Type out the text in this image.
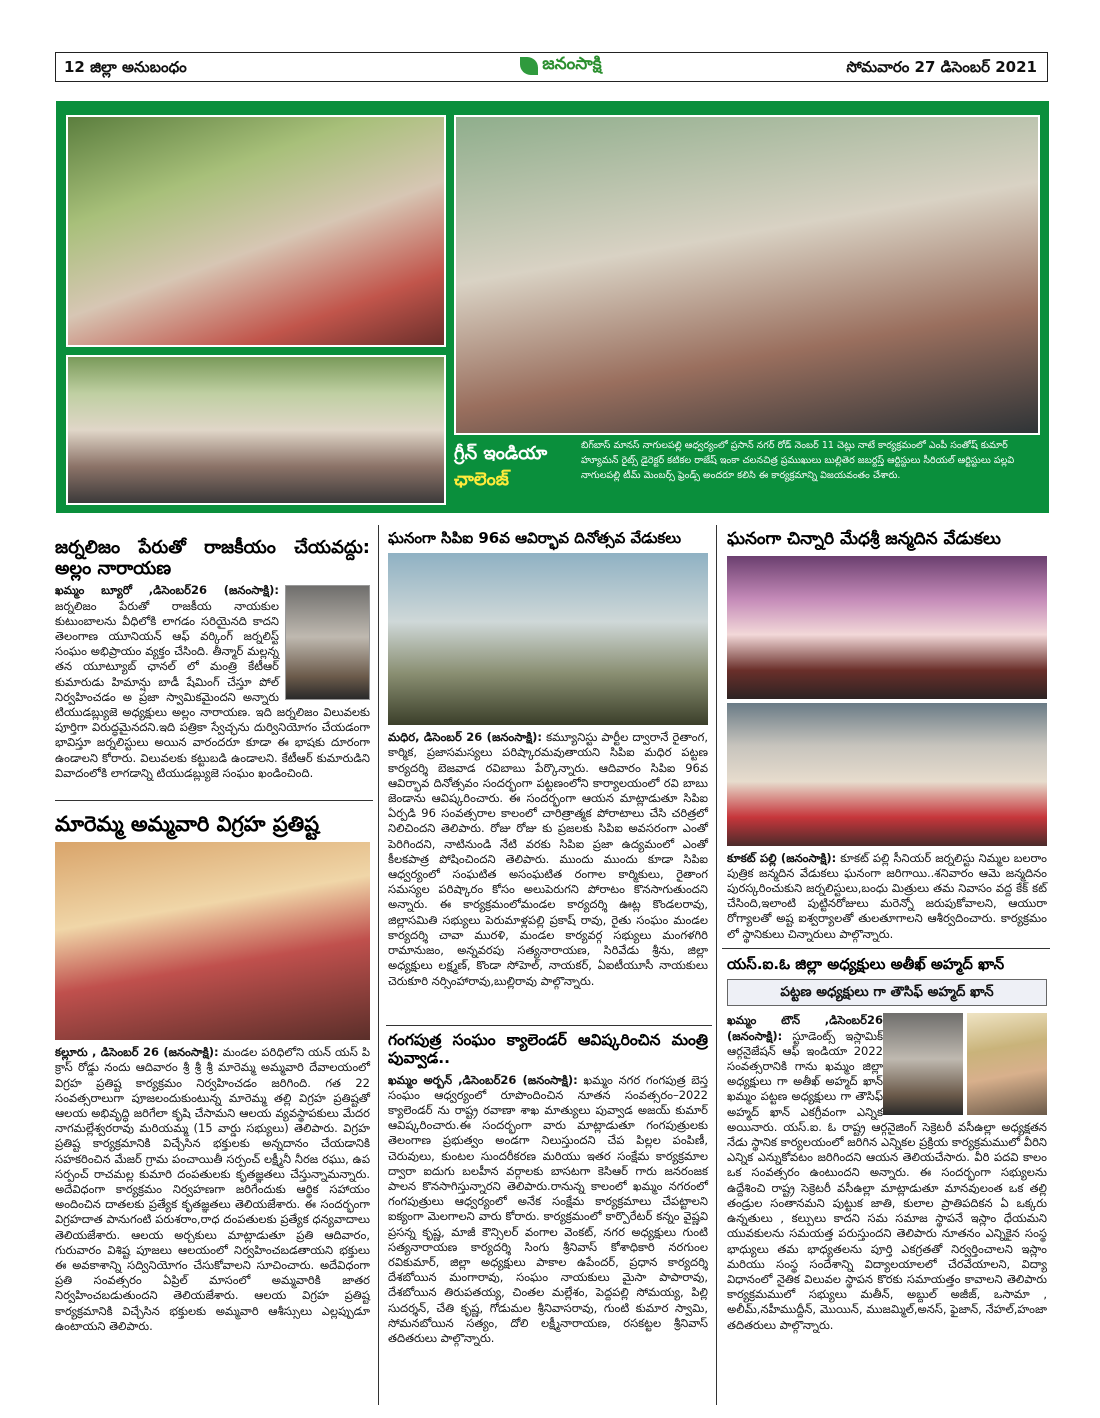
12 జిల్లా అనుబంధం	జనంసాక్షి	సోమవారం 27 డిసెంబర్ 2021
గ్రీన్ ఇండియా
ఛాలెంజ్
బిగ్‌బాస్ మానస్ నాగులపల్లి ఆధ్వర్యంలో ప్రసాన్ నగర్ రోడ్ నెంబర్ 11 చెట్లు నాటే కార్యక్రమంలో ఎంపీ సంతోష్ కుమార్ హ్యూమన్ రైట్స్ డైరెక్టర్ కటికల రాజేష్ ఇంకా చలనచిత్ర ప్రముఖులు బుల్లితెర జబర్దస్త్ ఆర్టిస్టులు సీరియల్ ఆర్టిస్టులు పల్లవి నాగులపల్లి టీమ్ మెంబర్స్ ఫ్రెండ్స్ అందరూ కలిసి ఈ కార్యక్రమాన్ని విజయవంతం చేశారు.
జర్నలిజం పేరుతో రాజకీయం చేయవద్దు: అల్లం నారాయణ

ఖమ్మం బ్యూరో ,డిసెంబర్26 (జనంసాక్షి): జర్నలిజం పేరుతో రాజకీయ నాయకుల కుటుంబాలను వీధిలోకి లాగడం సరియైనది కాదని తెలంగాణ యూనియన్ ఆఫ్ వర్కింగ్ జర్నలిస్ట్ సంఘం అభిప్రాయం వ్యక్తం చేసింది. తీన్మార్ మల్లన్న తన యూట్యూబ్ ఛానల్ లో మంత్రి కేటీఆర్ కుమారుడు హిమాన్షు బాడీ షేమింగ్ చేస్తూ పోల్ నిర్వహించడం అ ప్రజా స్వామికమైందని అన్నారు టియుడబ్ల్యుజె అధ్యక్షులు అల్లం నారాయణ. ఇది జర్నలిజం విలువలకు పూర్తిగా విరుద్ధమైనదని.ఇది పత్రికా స్వేచ్ఛను దుర్వినియోగం చేయడంగా భావిస్తూ జర్నలిస్టులు అయిన వారందరూ కూడా ఈ భాషకు దూరంగా ఉండాలని కోరారు. విలువలకు కట్టుబడి ఉండాలని. కేటీఆర్ కుమారుడిని వివాదంలోకి లాగడాన్ని టియుడబ్ల్యుజె సంఘం ఖండించింది.

మారెమ్మ అమ్మవారి విగ్రహ ప్రతిష్ట

కల్లూరు , డిసెంబర్ 26 (జనంసాక్షి): మండల పరిధిలోని యన్ యస్ పి క్రాస్ రోడ్డు నందు ఆదివారం శ్రీ శ్రీ శ్రీ మారెమ్మ అమ్మవారి దేవాలయంలో విగ్రహ ప్రతిష్ట కార్యక్రమం నిర్వహించడం జరిగింది. గత 22 సంవత్సరాలుగా పూజలందుకుంటున్న మారెమ్మ తల్లి విగ్రహ ప్రతిష్టతో ఆలయ అభివృద్ధి జరిగేలా కృషి చేసామని ఆలయ వ్యవస్థాపకులు మేదర నాగమల్లేశ్వరరావు మరియమ్మ (15 వార్డు సభ్యులు) తెలిపారు. విగ్రహ ప్రతిష్ట కార్యక్రమానికి విచ్చేసిన భక్తులకు అన్నదానం చేయడానికి సహకరించిన మేజర్ గ్రామ పంచాయితీ సర్పంచ్ లక్ష్మీనీ నీరజ రఘు, ఉప సర్పంచ్ రాచమల్ల కుమారి దంపతులకు కృతజ్ఞతలు చేస్తున్నామన్నారు. అదేవిధంగా కార్యక్రమం నిర్వహణగా జరిగేందుకు ఆర్థిక సహాయం అందించిన దాతలకు ప్రత్యేక కృతజ్ఞతలు తెలియజేశారు. ఈ సందర్భంగా విగ్రహదాత పానుగంటి పరుశరాం,రాధ దంపతులకు ప్రత్యేక ధన్యవాదాలు తెలియజేశారు. ఆలయ అర్చకులు మాట్లాడుతూ ప్రతి ఆదివారం, గురువారం విశిష్ట పూజలు ఆలయంలో నిర్వహించబడతాయని భక్తులు ఈ అవకాశాన్ని సద్వినియోగం చేసుకోవాలని సూచించారు. అదేవిధంగా ప్రతి సంవత్సరం ఏప్రిల్ మాసంలో అమ్మవారికి జాతర నిర్వహించబడుతుందని తెలియజేశారు. ఆలయ విగ్రహ ప్రతిష్ట కార్యక్రమానికి విచ్చేసిన భక్తులకు అమ్మవారి ఆశీస్సులు ఎల్లప్పుడూ ఉంటాయని తెలిపారు.

ఘనంగా సిపిఐ 96వ ఆవిర్భావ దినోత్సవ వేడుకలు

మధిర, డిసెంబర్ 26 (జనంసాక్షి): కమ్యూనిస్టు పార్టీల ద్వారానే రైతాంగ, కార్మిక, ప్రజాసమస్యలు పరిష్కారమవుతాయని సిపిఐ మధిర పట్టణ కార్యదర్శి బెజవాడ రవిబాబు పేర్కొన్నారు. ఆదివారం సిపిఐ 96వ ఆవిర్భావ దినోత్సవం సందర్భంగా పట్టణంలోని కార్యాలయంలో రవి బాబు జెండాను ఆవిష్కరించారు. ఈ సందర్భంగా ఆయన మాట్లాడుతూ సిపిఐ ఏర్పడి 96 సంవత్సరాల కాలంలో చారిత్రాత్మక పోరాటాలు చేసి చరిత్రలో నిలిచిందని తెలిపారు. రోజు రోజు కు ప్రజలకు సిపిఐ అవసరంగా ఎంతో పెరిగిందని, నాటినుండి నేటి వరకు సిపిఐ ప్రజా ఉద్యమంలో ఎంతో కీలకపాత్ర పోషించిందని తెలిపారు. ముందు ముందు కూడా సిపిఐ ఆధ్వర్యంలో సంఘటిత అసంఘటిత రంగాల కార్మికులు, రైతాంగ సమస్యల పరిష్కారం కోసం అలుపెరుగని పోరాటం కొనసాగుతుందని అన్నారు. ఈ కార్యక్రమంలోమండల కార్యదర్శి ఊట్ల కొండలరావు, జిల్లాసమితి సభ్యులు పెరుమాళ్లపల్లి ప్రకాష్ రావు, రైతు సంఘం మండల కార్యదర్శి చావా మురళి, మండల కార్యవర్గ సభ్యులు మంగళగిరి రామానుజం, అన్నవరపు సత్యనారాయణ, సిరివేడు శ్రీను, జిల్లా అధ్యక్షులు లక్ష్మణ్, కొండా సోహెల్, నాయకర్, ఏఐటీయూసీ నాయకులు చెరుకూరి నర్సింహారావు,బుల్లిరావు పాల్గొన్నారు.

గంగపుత్ర సంఘం క్యాలెండర్ ఆవిష్కరించిన మంత్రి పువ్వాడ..

ఖమ్మం అర్బన్ ,డిసెంబర్26 (జనంసాక్షి): ఖమ్మం నగర గంగపుత్ర బెస్త సంఘం ఆధ్వర్యంలో రూపొందించిన నూతన సంవత్సరం–2022 క్యాలెండర్ ను రాష్ట్ర రవాణా శాఖ మాత్యులు పువ్వాడ అజయ్ కుమార్ ఆవిష్కరించారు.ఈ సందర్భంగా వారు మాట్లాడుతూ గంగపుత్రులకు తెలంగాణ ప్రభుత్వం అండగా నిలుస్తుందని చేప పిల్లల పంపిణీ, చెరువులు, కుంటల సుందరీకరణ మరియు ఇతర సంక్షేమ కార్యక్రమాల ద్వారా ఐదుగు బలహీన వర్గాలకు బాసటగా కెసిఆర్ గారు జనరంజక పాలన కొనసాగిస్తున్నారని తెలిపారు.రానున్న కాలంలో ఖమ్మం నగరంలో గంగపుత్రులు ఆధ్వర్యంలో అనేక సంక్షేమ కార్యక్రమాలు చేపట్టాలని ఐక్యంగా మెలగాలని వారు కోరారు. కార్యక్రమంలో కార్పొరేటర్ కన్నం వైష్ణవి ప్రసన్న కృష్ణ, మాజీ కౌన్సిలర్ వంగాల వెంకట్, నగర అధ్యక్షులు గుంటి సత్యనారాయణ కార్యదర్శి సింగు శ్రీనివాస్ కోశాధికారి నరగుంల రవికుమార్, జిల్లా అధ్యక్షులు పాకాల ఉపేందర్, ప్రధాన కార్యదర్శి దేశబోయిన మంగారావు, సంఘం నాయకులు మైసా పాపారావు, దేశబోయిన తిరుపతయ్య, చింతల మల్లేశం, పెద్దపల్లి సోమయ్య, పిల్లి సుదర్శన్, చేతి కృష్ణ, గోడుమల శ్రీనివాసరావు, గుంటి కుమార స్వామి, సోమనబోయిన సత్యం, దోలి లక్ష్మీనారాయణ, రసకట్టల శ్రీనివాస్ తదితరులు పాల్గొన్నారు.

ఘనంగా చిన్నారి మేధశ్రీ జన్మదిన వేడుకలు

కూకట్ పల్లి (జనంసాక్షి): కూకట్ పల్లి సీనియర్ జర్నలిస్టు నిమ్మల బలరాం పుత్రిక జన్మదిన వేడుకలు ఘనంగా జరిగాయి..శనివారం ఆమె జన్మదినం పురస్కరించుకుని జర్నలిస్టులు,బంధు మిత్రులు తమ నివాసం వద్ద కేక్ కట్ చేసింది,ఇలాంటి పుట్టినరోజులు మరెన్నో జరుపుకోవాలని, ఆయురా రోగ్యాలతో అష్ట ఐశ్వర్యాలతో తులతూగాలని ఆశీర్వదించారు. కార్యక్రమం లో స్థానికులు చిన్నారులు పాల్గొన్నారు.

యస్.ఐ.ఓ జిల్లా అధ్యక్షులు అతీఖ్ అహ్మద్ ఖాన్
పట్టణ అధ్యక్షులు గా తౌసిఫ్ అహ్మద్ ఖాన్

ఖమ్మం టౌన్ ,డిసెంబర్26 (జనంసాక్షి): స్టూడెంట్స్ ఇస్లామిక్ ఆర్గనైజేషన్ ఆఫ్ ఇండియా 2022 సంవత్సరానికి గాను ఖమ్మం జిల్లా అధ్యక్షులు గా అతీఖ్ అహ్మద్ ఖాన్ ఖమ్మం పట్టణ అధ్యక్షులు గా తౌసిఫ్ అహ్మద్ ఖాన్ ఎకగ్రీవంగా ఎన్నిక అయినారు. యస్.ఐ. ఓ రాష్ట్ర ఆర్గనైజింగ్ సెక్రెటరీ వసీఉల్లా అధ్యక్షతన నేడు స్థానిక కార్యలయంలో జరిగిన ఎన్నికల ప్రక్రియ కార్యక్రమములో వీరిని ఎన్నిక ఎన్నుకోవటం జరిగిందని ఆయన తెలియచేసారు. వీరి పదవి కాలం ఒక సంవత్సరం ఉంటుందని అన్నారు. ఈ సందర్భంగా సభ్యులను ఉద్దేశించి రాష్ట్ర సెక్రెటరీ వసీఉల్లా మాట్లాడుతూ మానవులంత ఒక తల్లి తండ్రుల సంతానమని పుట్టుక జాతి, కులాల ప్రాతిపదికన ఏ ఒక్కరు ఉన్నతులు , కల్పులు కాదని సమ సమాజ స్థాపనే ఇస్లాం ధేయమని యువకులను సమయత్త పరుస్తుందని తెలిపారు నూతనం ఎన్నికైన సంస్థ భాధ్యులు తమ భాధ్యతలను పూర్తి ఎకగ్రతతో నిర్వర్తించాలని ఇస్లాం మరియు సంస్థ సందేశాన్ని విద్యాలయాలలో చేరవేయాలని, విద్యా విధానంలో నైతిక విలువల స్థాపన కొరకు సమాయత్తం కావాలని తెలిపారు కార్యక్రమములో సభ్యులు మతీన్, అబ్దుల్ అజీజ్, ఒసామా , అలీమ్,నహీముద్దీన్, మొయిన్, ముజమ్మిల్,అనస్, ఫైజాన్, నేహల్,హంజా తదితరులు పాల్గొన్నారు.
